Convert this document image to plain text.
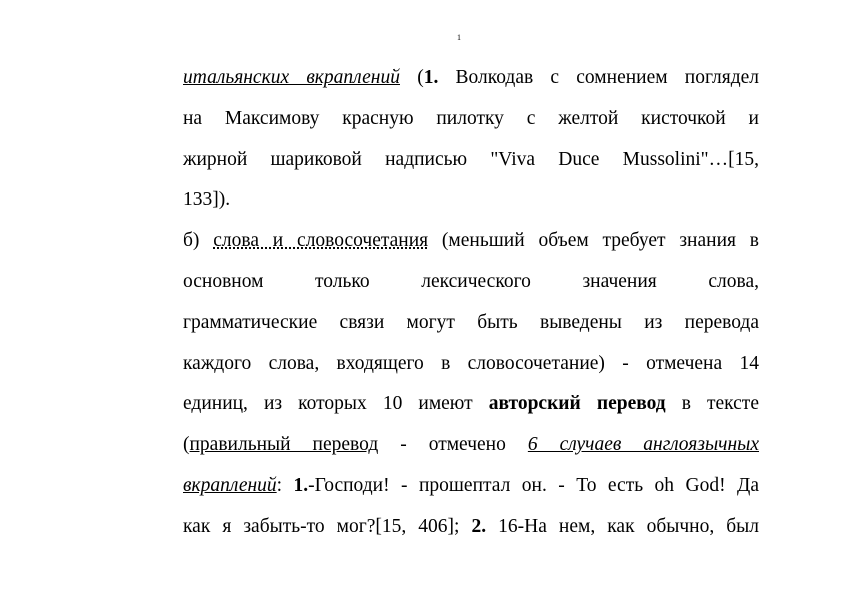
1
итальянских вкраплений (1. Волкодав с сомнением поглядел
на Максимову красную пилотку с желтой кисточкой и
жирной шариковой надписью "Viva Duce Mussolini"…[15,
133]).
б) слова и словосочетания (меньший объем требует знания в
основном только лексического значения слова,
грамматические связи могут быть выведены из перевода
каждого слова, входящего в словосочетание) - отмечена 14
единиц, из которых 10 имеют авторский перевод в тексте
(правильный перевод - отмечено 6 случаев англоязычных
вкраплений: 1.-Господи! - прошептал он. - То есть oh God! Да
как я забыть-то мог?[15, 406]; 2. 16-На нем, как обычно, был
